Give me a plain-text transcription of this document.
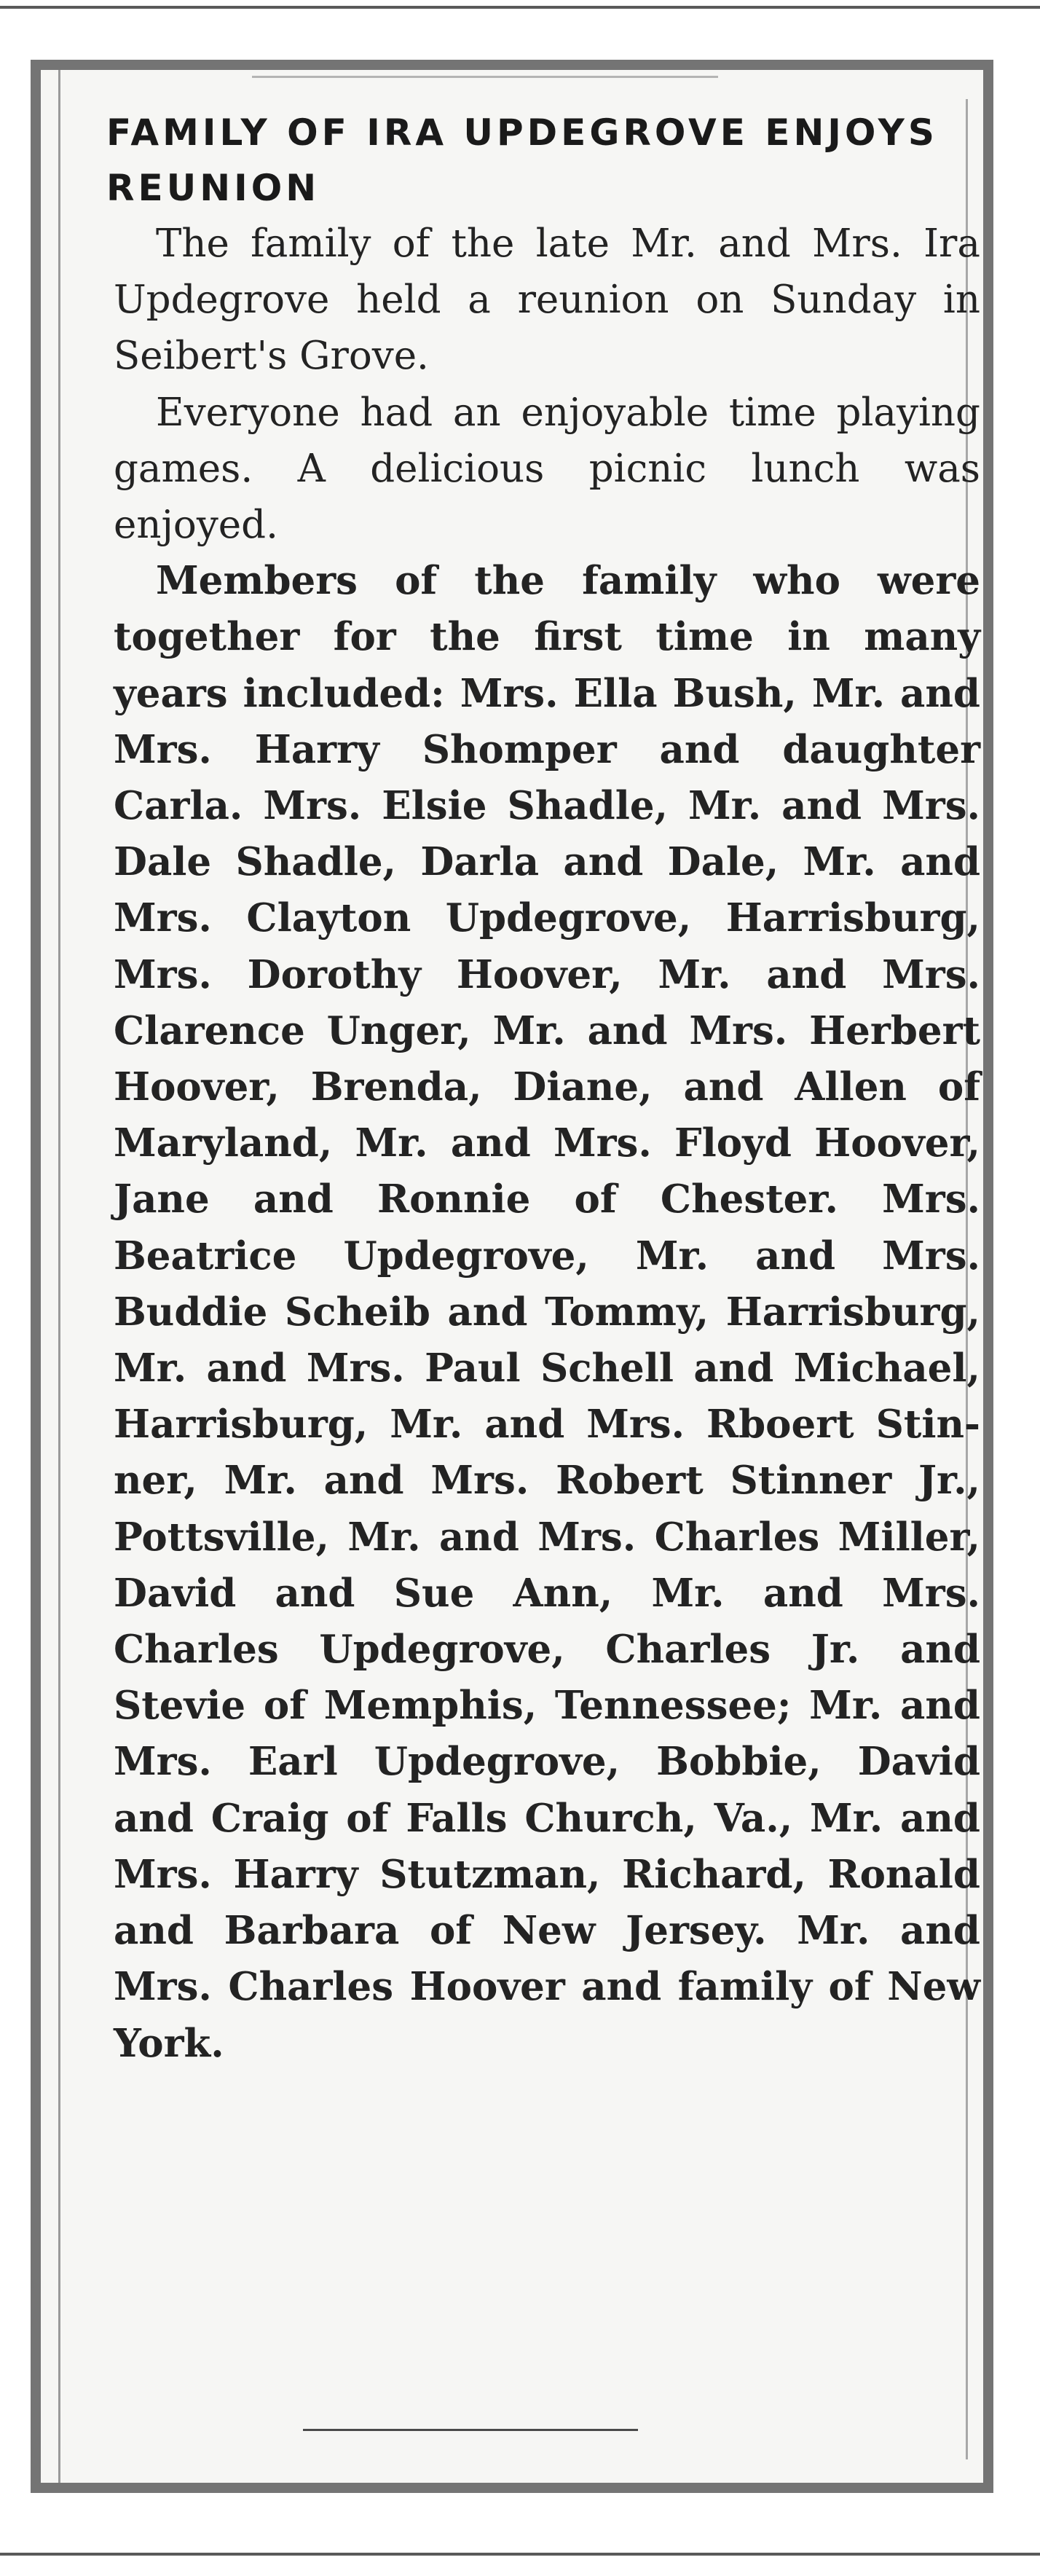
FAMILY OF IRA UPDEGROVE ENJOYS REUNION

The family of the late Mr. and Mrs. Ira Updegrove held a reunion on Sunday in Seibert's Grove.

Everyone had an enjoyable time playing games. A delicious picnic lunch was enjoyed.

Members of the family who were together for the first time in many years included: Mrs. Ella Bush, Mr. and Mrs. Harry Shomper and daughter Carla. Mrs. Elsie Shadle, Mr. and Mrs. Dale Shadle, Darla and Dale, Mr. and Mrs. Clayton Updegrove, Harrisburg, Mrs. Dorothy Hoover, Mr. and Mrs. Clarence Unger, Mr. and Mrs. Herbert Hoover, Brenda, Diane, and Allen of Maryland, Mr. and Mrs. Floyd Hoover, Jane and Ronnie of Chester. Mrs. Beatrice Updegrove, Mr. and Mrs. Buddie Scheib and Tommy, Harrisburg, Mr. and Mrs. Paul Schell and Michael, Harrisburg, Mr. and Mrs. Rboert Stinner, Mr. and Mrs. Robert Stinner Jr., Pottsville, Mr. and Mrs. Charles Miller, David and Sue Ann, Mr. and Mrs. Charles Updegrove, Charles Jr. and Stevie of Memphis, Tennessee; Mr. and Mrs. Earl Updegrove, Bobbie, David and Craig of Falls Church, Va., Mr. and Mrs. Harry Stutzman, Richard, Ronald and Barbara of New Jersey. Mr. and Mrs. Charles Hoover and family of New York.
